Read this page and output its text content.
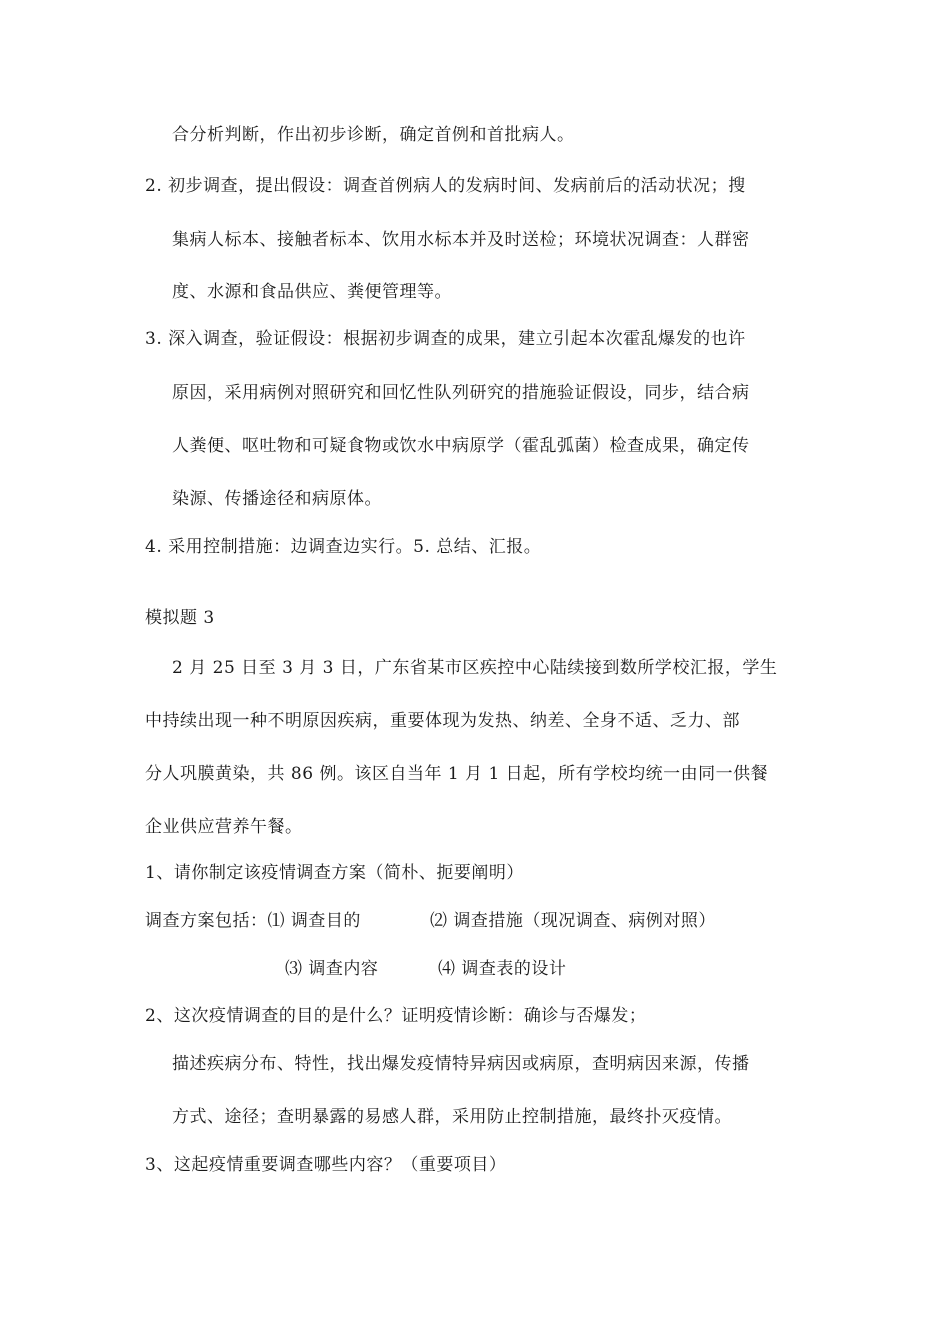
合分析判断，作出初步诊断，确定首例和首批病人。
2. 初步调查，提出假设：调查首例病人的发病时间、发病前后的活动状况；搜
集病人标本、接触者标本、饮用水标本并及时送检；环境状况调查：人群密
度、水源和食品供应、粪便管理等。
3. 深入调查，验证假设：根据初步调查的成果，建立引起本次霍乱爆发的也许
原因，采用病例对照研究和回忆性队列研究的措施验证假设，同步，结合病
人粪便、呕吐物和可疑食物或饮水中病原学（霍乱弧菌）检查成果，确定传
染源、传播途径和病原体。
4. 采用控制措施：边调查边实行。5. 总结、汇报。
模拟题 3
2 月 25 日至 3 月 3 日，广东省某市区疾控中心陆续接到数所学校汇报，学生
中持续出现一种不明原因疾病，重要体现为发热、纳差、全身不适、乏力、部
分人巩膜黄染，共 86 例。该区自当年 1 月 1 日起，所有学校均统一由同一供餐
企业供应营养午餐。
1、请你制定该疫情调查方案（简朴、扼要阐明）
调查方案包括：⑴ 调查目的	⑵ 调查措施（现况调查、病例对照）
⑶ 调查内容	⑷ 调查表的设计
2、这次疫情调查的目的是什么？证明疫情诊断：确诊与否爆发；
描述疾病分布、特性，找出爆发疫情特异病因或病原，查明病因来源，传播
方式、途径；查明暴露的易感人群，采用防止控制措施，最终扑灭疫情。
3、这起疫情重要调查哪些内容？（重要项目）
